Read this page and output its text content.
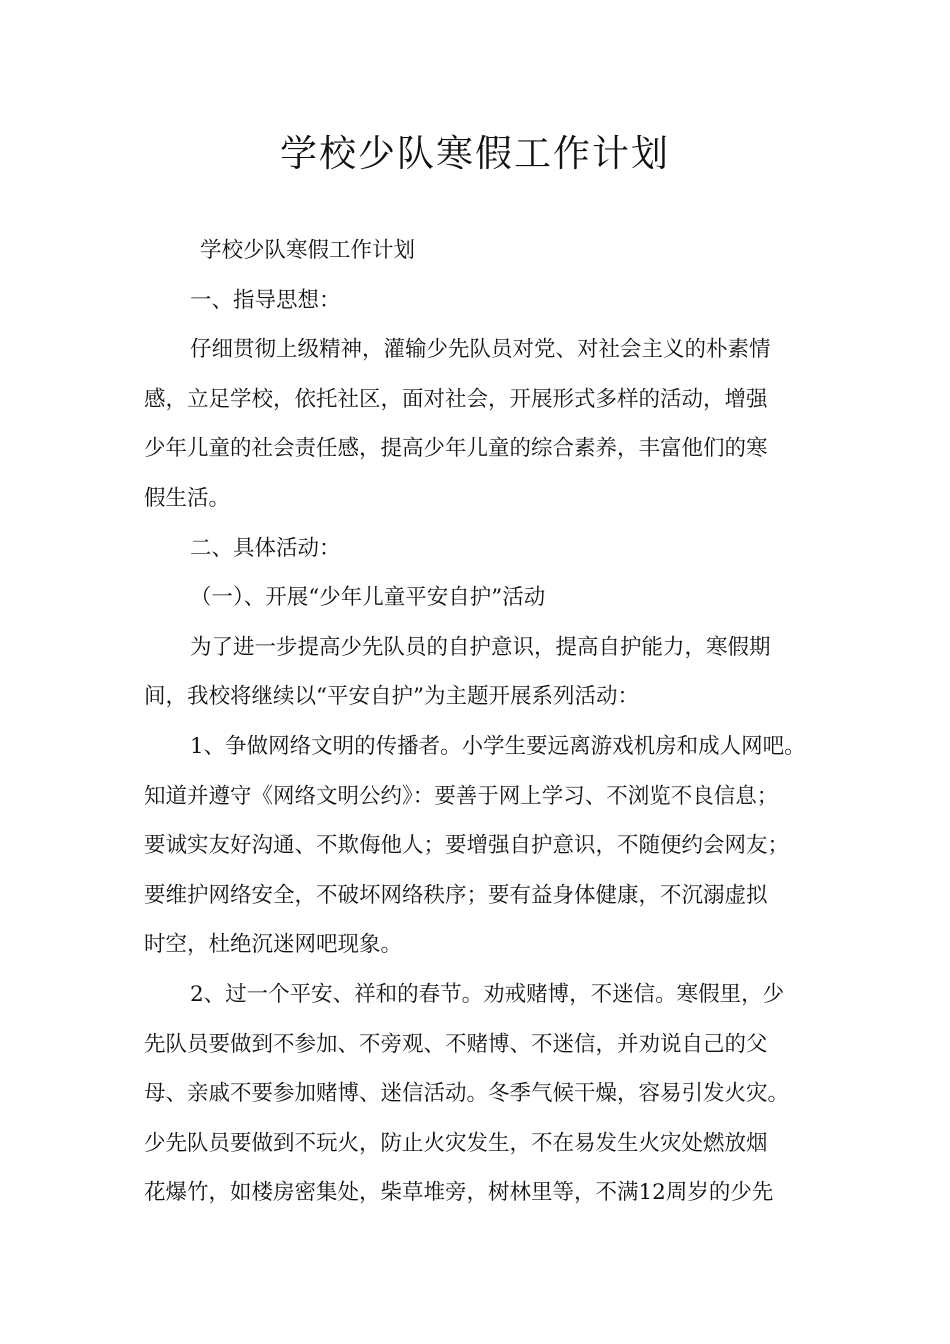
学校少队寒假工作计划
学校少队寒假工作计划
一、指导思想：
仔细贯彻上级精神，灌输少先队员对党、对社会主义的朴素情
感，立足学校，依托社区，面对社会，开展形式多样的活动，增强
少年儿童的社会责任感，提高少年儿童的综合素养，丰富他们的寒
假生活。
二、具体活动：
（一）、开展“少年儿童平安自护”活动
为了进一步提高少先队员的自护意识，提高自护能力，寒假期
间，我校将继续以“平安自护”为主题开展系列活动：
1、争做网络文明的传播者。小学生要远离游戏机房和成人网吧。
知道并遵守《网络文明公约》：要善于网上学习、不浏览不良信息；
要诚实友好沟通、不欺侮他人；要增强自护意识，不随便约会网友；
要维护网络安全，不破坏网络秩序；要有益身体健康，不沉溺虚拟
时空，杜绝沉迷网吧现象。
2、过一个平安、祥和的春节。劝戒赌博，不迷信。寒假里，少
先队员要做到不参加、不旁观、不赌博、不迷信，并劝说自己的父
母、亲戚不要参加赌博、迷信活动。冬季气候干燥，容易引发火灾。
少先队员要做到不玩火，防止火灾发生，不在易发生火灾处燃放烟
花爆竹，如楼房密集处，柴草堆旁，树林里等，不满12周岁的少先
